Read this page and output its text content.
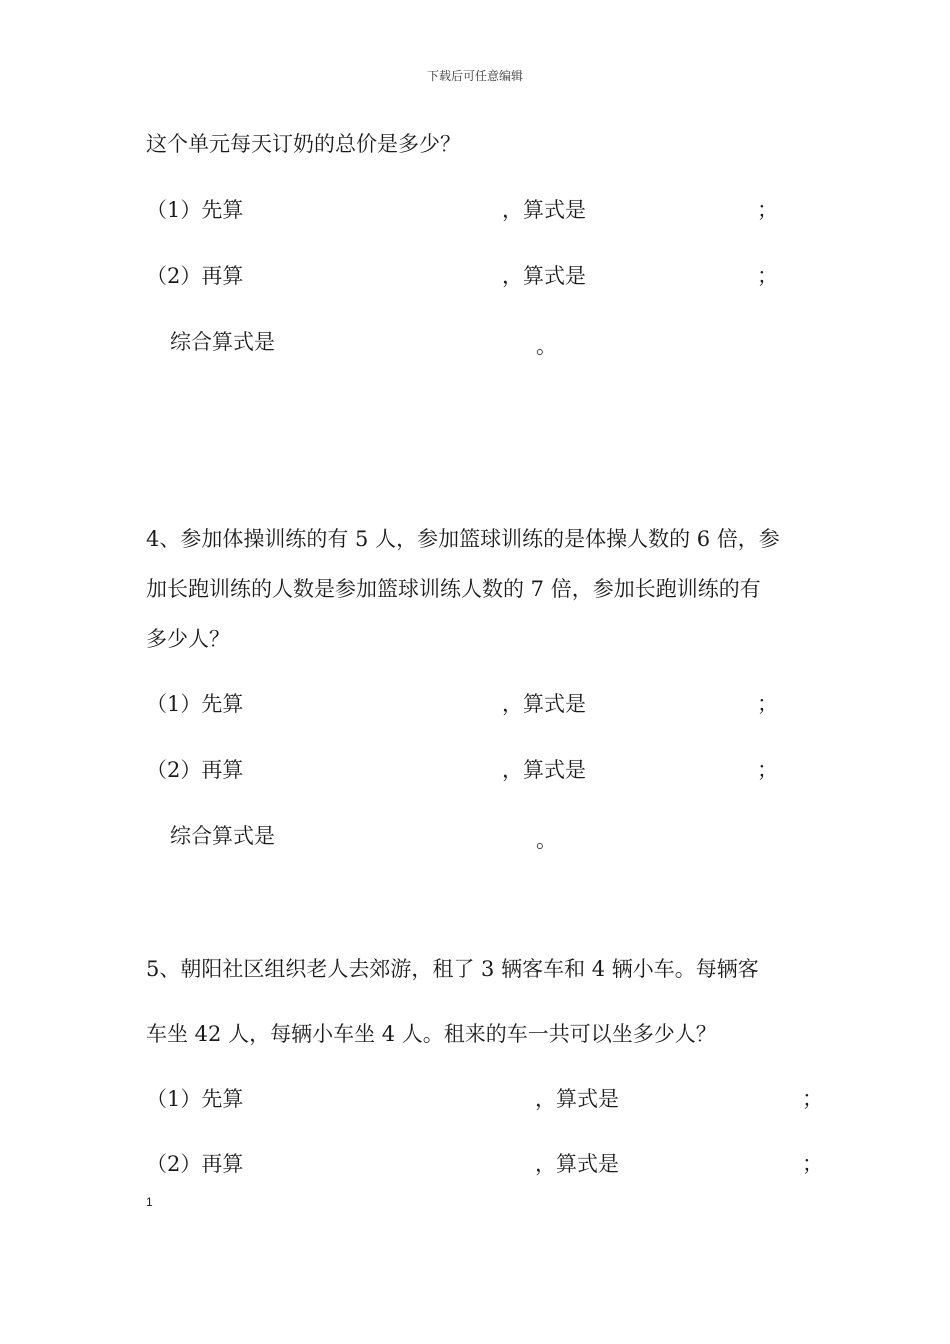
下载后可任意编辑
这个单元每天订奶的总价是多少？
（1）先算	，算式是	；
（2）再算	，算式是	；
综合算式是	。
4、参加体操训练的有 5 人，参加篮球训练的是体操人数的 6 倍，参
加长跑训练的人数是参加篮球训练人数的 7 倍，参加长跑训练的有
多少人？
（1）先算	，算式是	；
（2）再算	，算式是	；
综合算式是	。
5、朝阳社区组织老人去郊游，租了 3 辆客车和 4 辆小车。每辆客
车坐 42 人，每辆小车坐 4 人。租来的车一共可以坐多少人？
（1）先算	，算式是	；
（2）再算	，算式是	；
1
